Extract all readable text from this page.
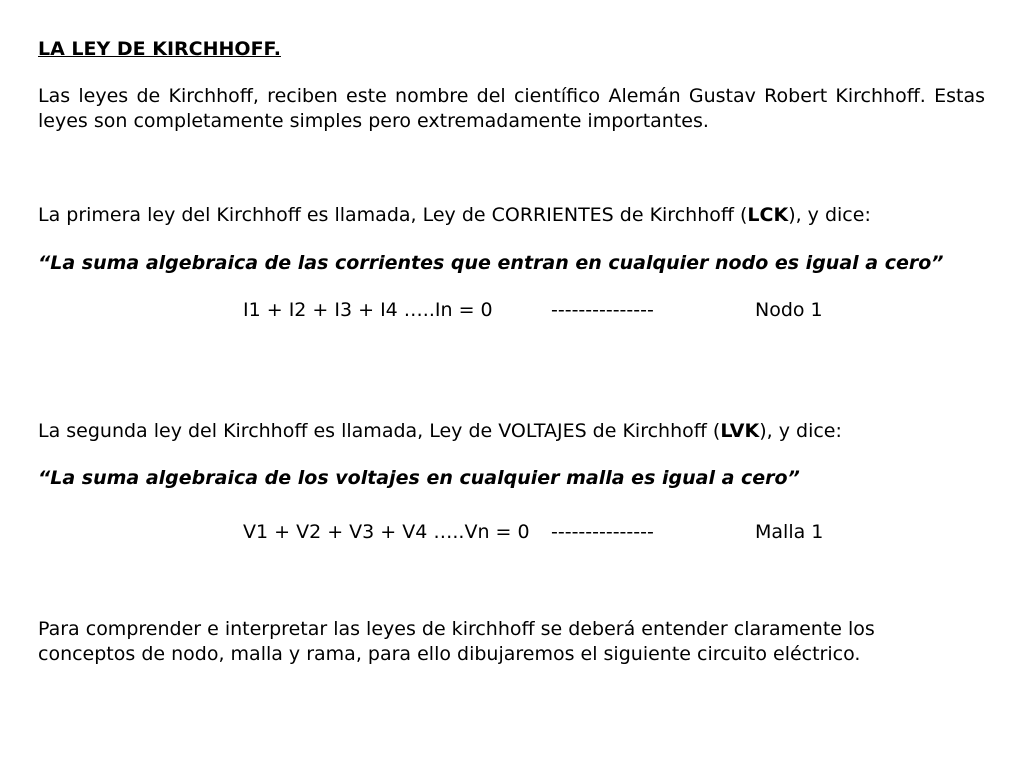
LA LEY DE KIRCHHOFF.
Las leyes de Kirchhoff, reciben este nombre del científico Alemán Gustav Robert Kirchhoff. Estas leyes son completamente simples pero extremadamente importantes.
La primera ley del Kirchhoff es llamada, Ley de CORRIENTES de Kirchhoff (LCK), y dice:
“La suma algebraica de las corrientes que entran en cualquier nodo es igual a cero”
I1 + I2 + I3 + I4 …..In = 0	---------------	Nodo 1
La segunda ley del Kirchhoff es llamada, Ley de VOLTAJES de Kirchhoff (LVK), y dice:
“La suma algebraica de los voltajes en cualquier malla es igual a cero”
V1 + V2 + V3 + V4 …..Vn = 0 ---------------	Malla 1
Para comprender e interpretar las leyes de kirchhoff se deberá entender claramente los conceptos de nodo, malla y rama, para ello dibujaremos el siguiente circuito eléctrico.
